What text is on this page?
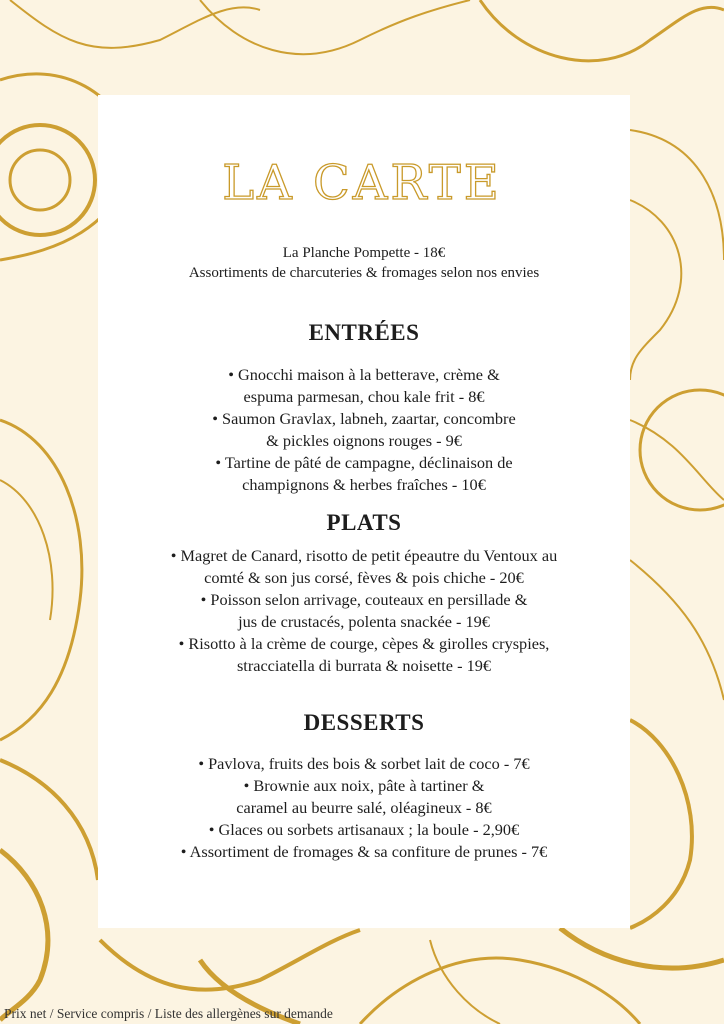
LA CARTE
La Planche Pompette - 18€
Assortiments de charcuteries & fromages selon nos envies
ENTRÉES
• Gnocchi maison à la betterave, crème &
espuma parmesan, chou kale frit - 8€
• Saumon Gravlax, labneh, zaartar, concombre
& pickles oignons rouges - 9€
• Tartine de pâté de campagne, déclinaison de
champignons & herbes fraîches - 10€
PLATS
• Magret de Canard, risotto de petit épeautre du Ventoux au
comté & son jus corsé, fèves & pois chiche - 20€
• Poisson selon arrivage, couteaux en persillade &
jus de crustacés, polenta snackée - 19€
• Risotto à la crème de courge, cèpes & girolles cryspies,
stracciatella di burrata & noisette - 19€
DESSERTS
• Pavlova, fruits des bois & sorbet lait de coco - 7€
• Brownie aux noix, pâte à tartiner &
caramel au beurre salé, oléagineux - 8€
• Glaces ou sorbets artisanaux ; la boule - 2,90€
• Assortiment de fromages & sa confiture de prunes - 7€
Prix net / Service compris / Liste des allergènes sur demande
